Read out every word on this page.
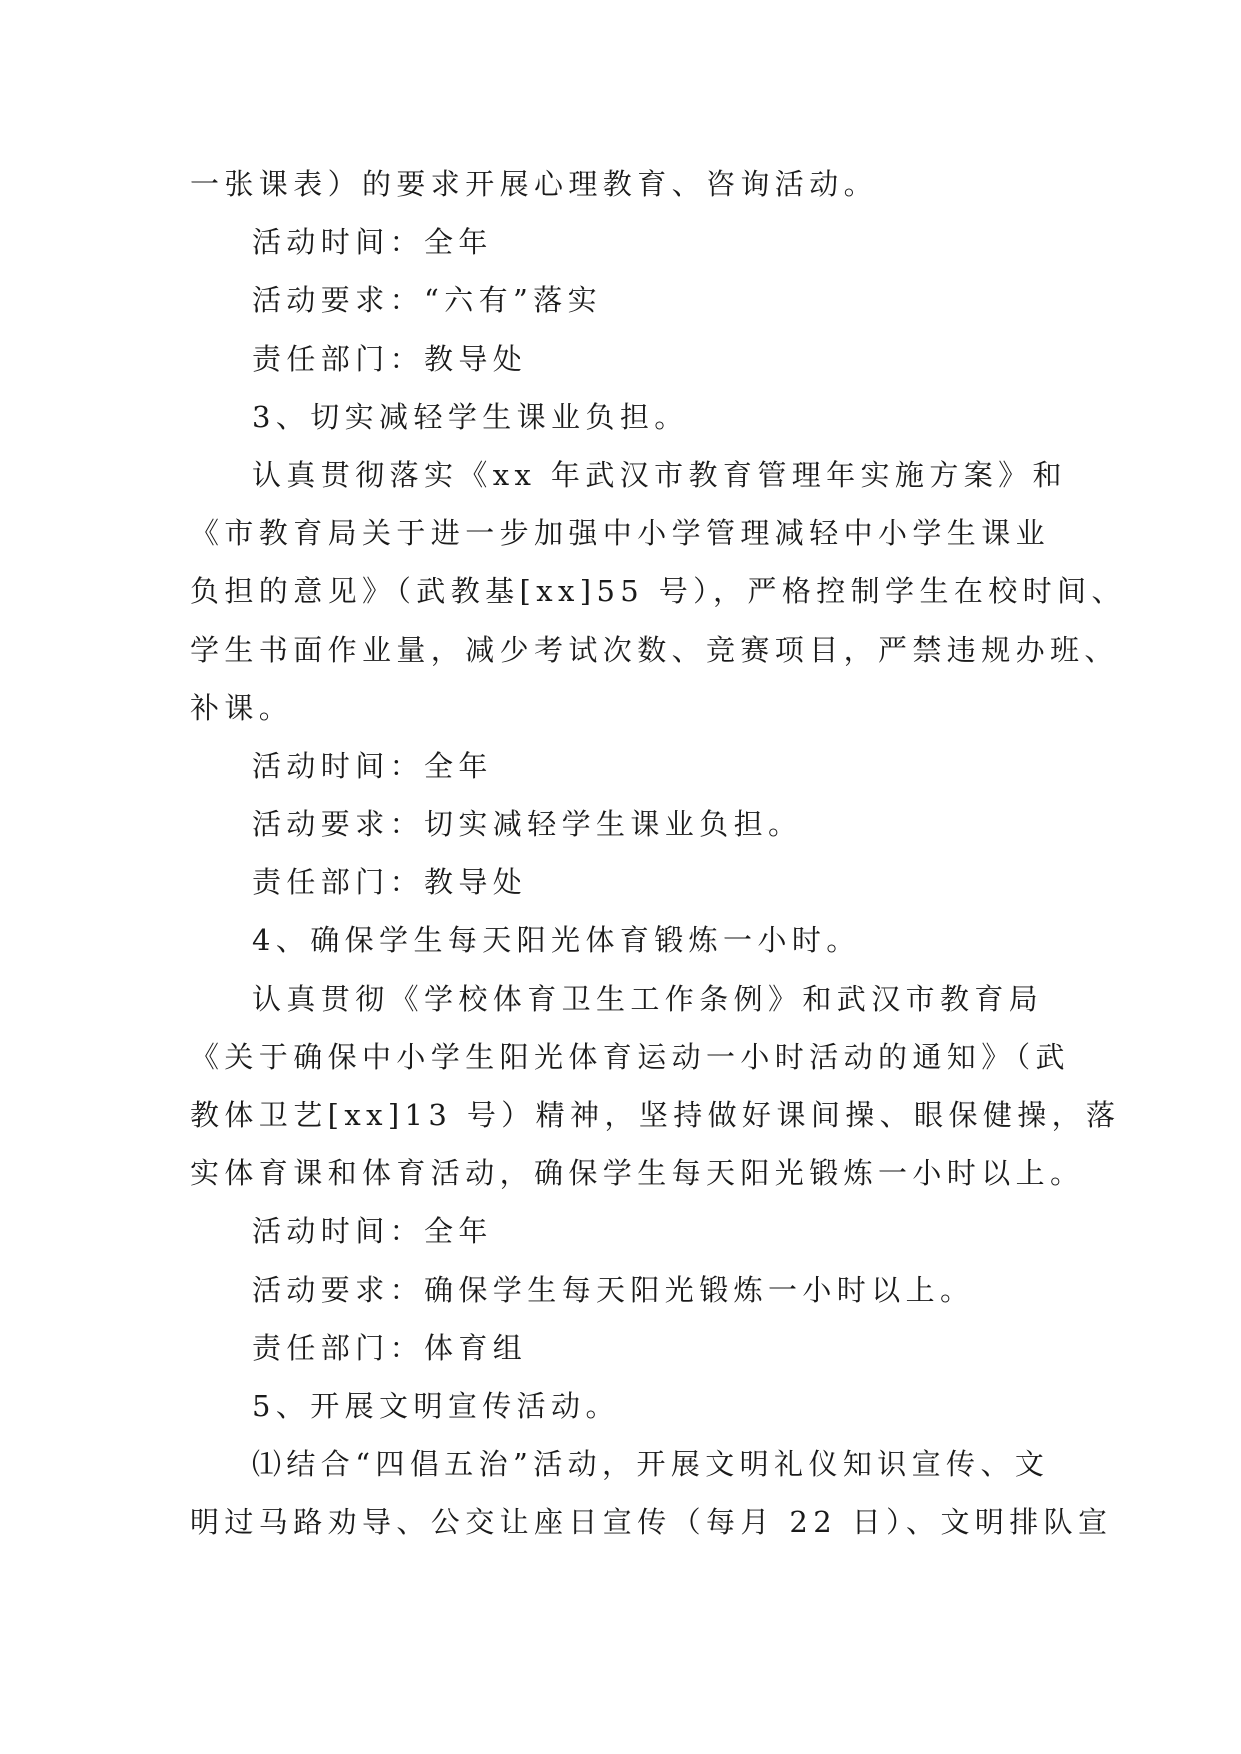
一张课表）的要求开展心理教育、咨询活动。
活动时间：全年
活动要求：“六有”落实
责任部门：教导处
3、切实减轻学生课业负担。
认真贯彻落实《xx 年武汉市教育管理年实施方案》和
《市教育局关于进一步加强中小学管理减轻中小学生课业
负担的意见》（武教基[xx]55 号），严格控制学生在校时间、
学生书面作业量，减少考试次数、竞赛项目，严禁违规办班、
补课。
活动时间：全年
活动要求：切实减轻学生课业负担。
责任部门：教导处
4、确保学生每天阳光体育锻炼一小时。
认真贯彻《学校体育卫生工作条例》和武汉市教育局
《关于确保中小学生阳光体育运动一小时活动的通知》（武
教体卫艺[xx]13 号）精神，坚持做好课间操、眼保健操，落
实体育课和体育活动，确保学生每天阳光锻炼一小时以上。
活动时间：全年
活动要求：确保学生每天阳光锻炼一小时以上。
责任部门：体育组
5、开展文明宣传活动。
⑴结合“四倡五治”活动，开展文明礼仪知识宣传、文
明过马路劝导、公交让座日宣传（每月 22 日）、文明排队宣
